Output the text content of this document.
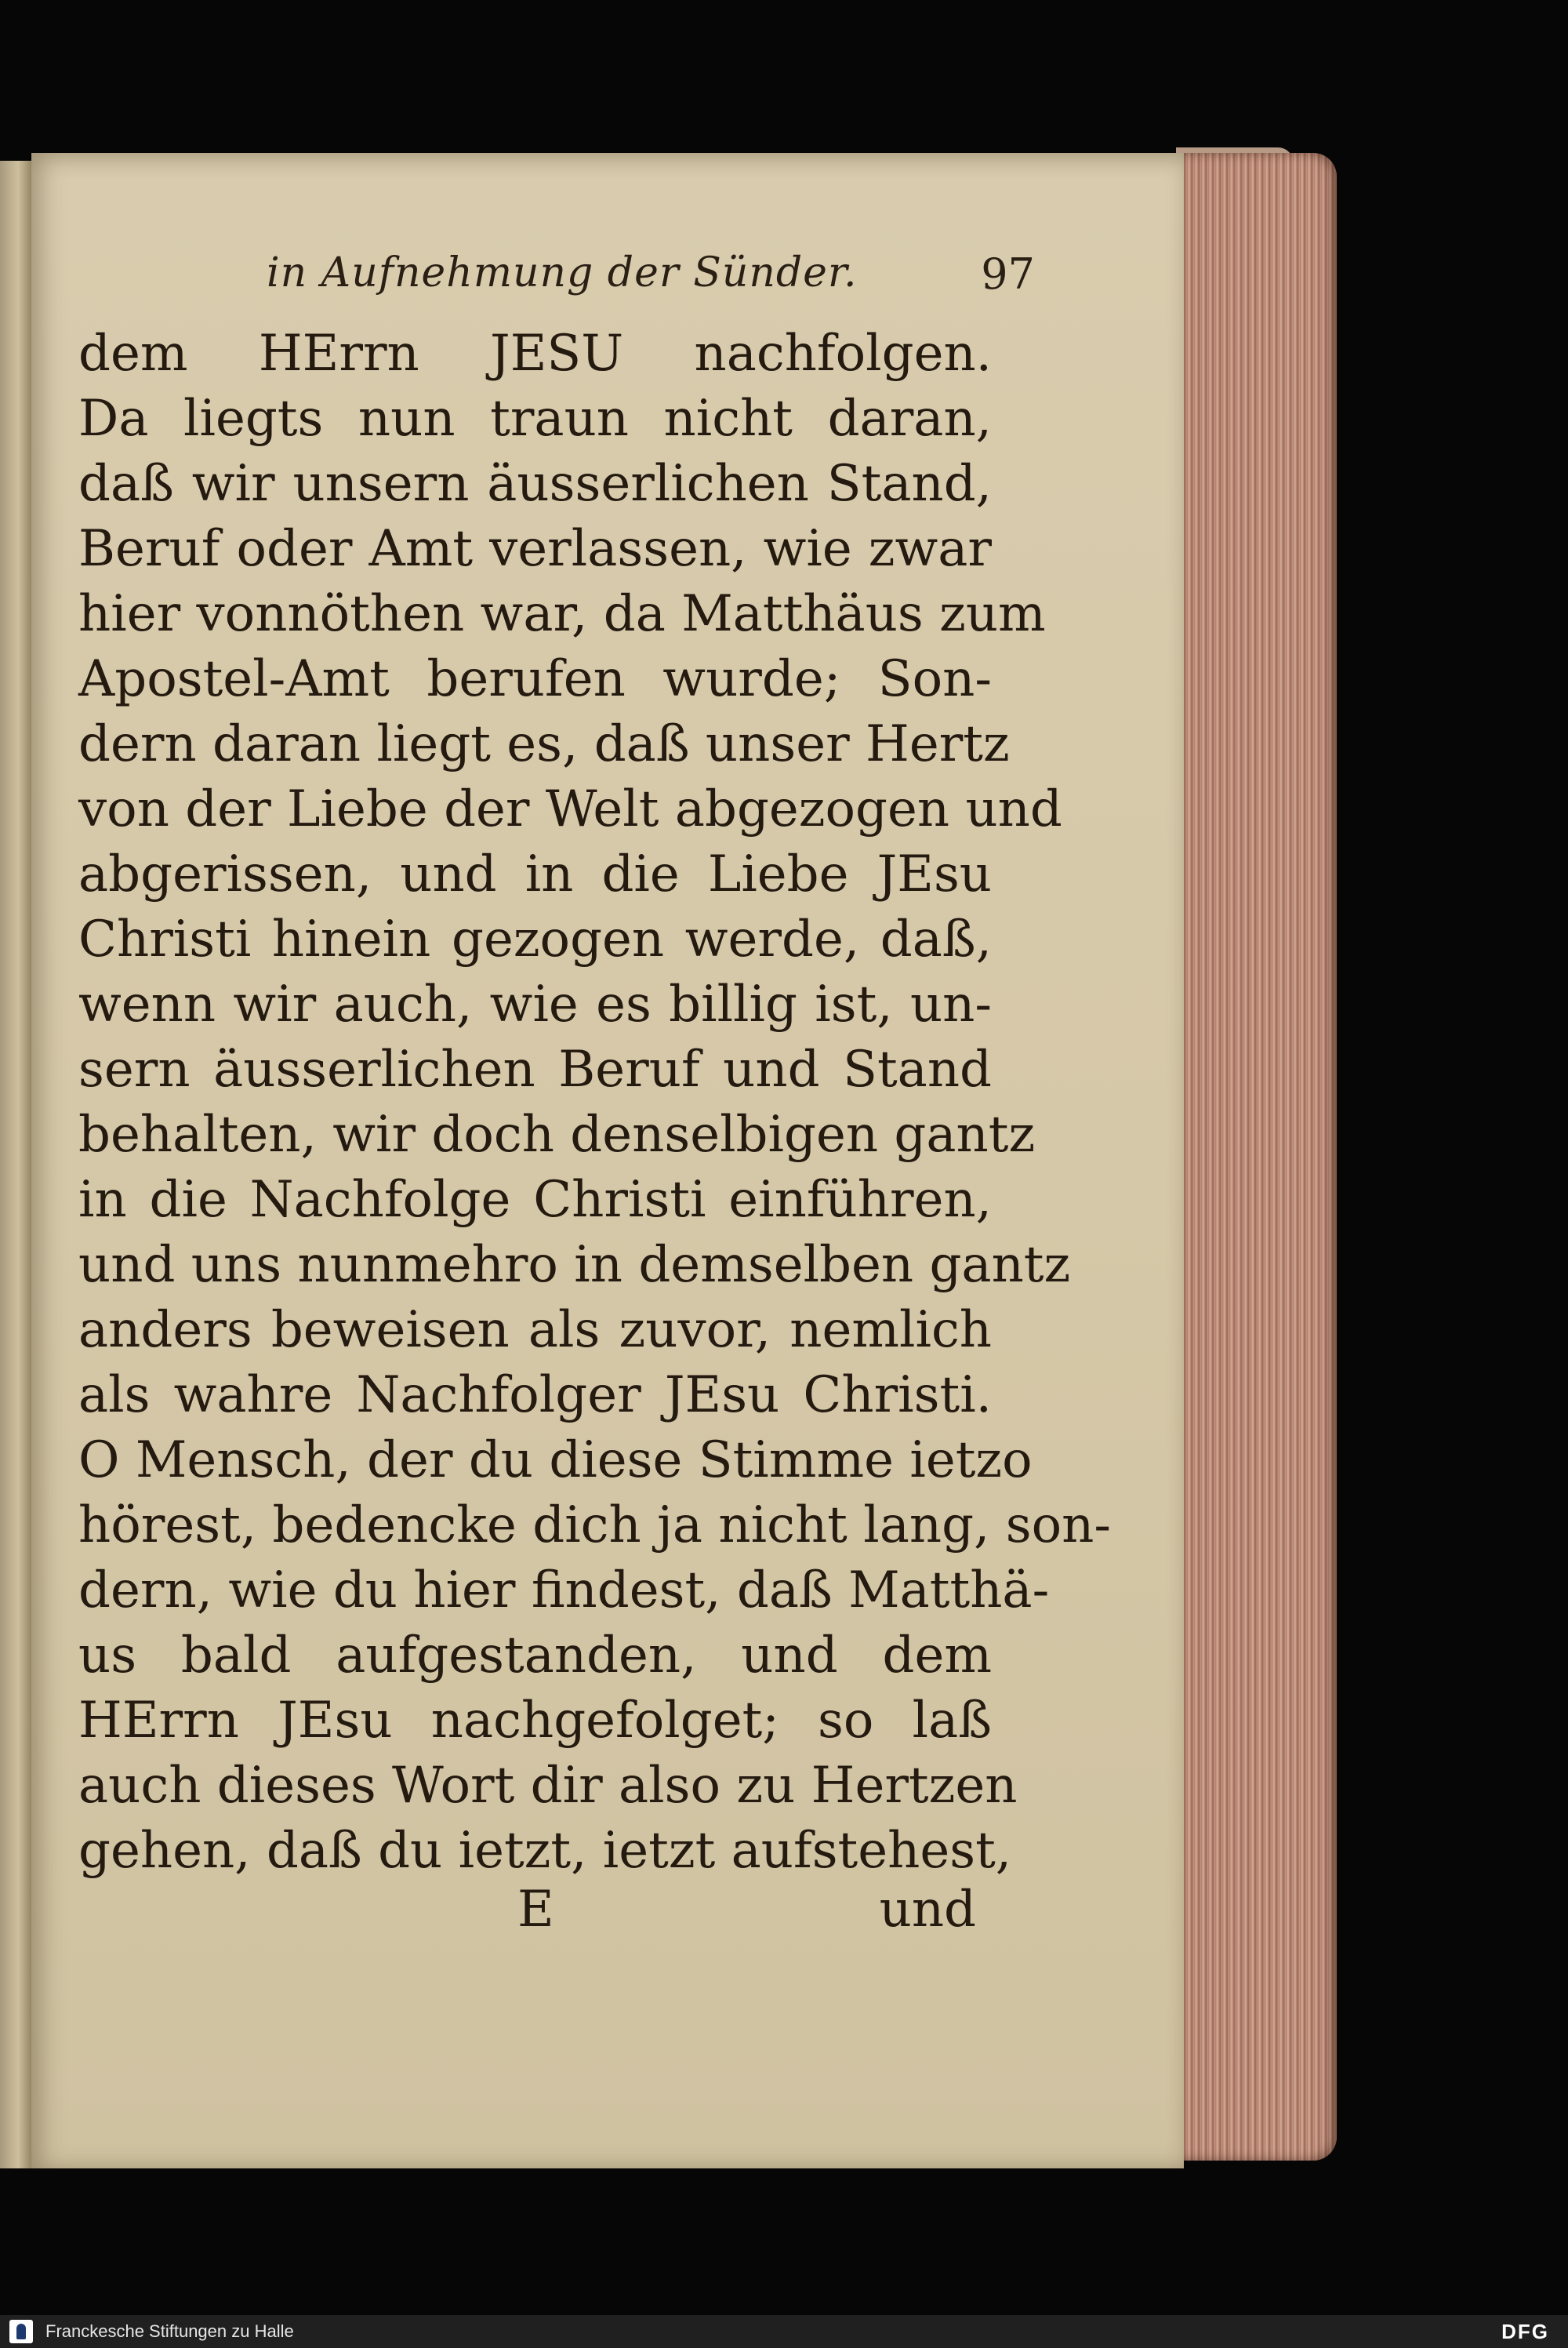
in Aufnehmung der Sünder.	97
dem HErrn JESU nachfolgen.
Da liegts nun traun nicht daran,
daß wir unsern äusserlichen Stand,
Beruf oder Amt verlassen, wie zwar
hier vonnöthen war, da Matthäus zum
Apostel-Amt berufen wurde; Son-
dern daran liegt es, daß unser Hertz
von der Liebe der Welt abgezogen und
abgerissen, und in die Liebe JEsu
Christi hinein gezogen werde, daß,
wenn wir auch, wie es billig ist, un-
sern äusserlichen Beruf und Stand
behalten, wir doch denselbigen gantz
in die Nachfolge Christi einführen,
und uns nunmehro in demselben gantz
anders beweisen als zuvor, nemlich
als wahre Nachfolger JEsu Christi.
O Mensch, der du diese Stimme ietzo
hörest, bedencke dich ja nicht lang, son-
dern, wie du hier findest, daß Matthä-
us bald aufgestanden, und dem
HErrn JEsu nachgefolget; so laß
auch dieses Wort dir also zu Hertzen
gehen, daß du ietzt, ietzt aufstehest,
E	und
Franckesche Stiftungen zu Halle	DFG
